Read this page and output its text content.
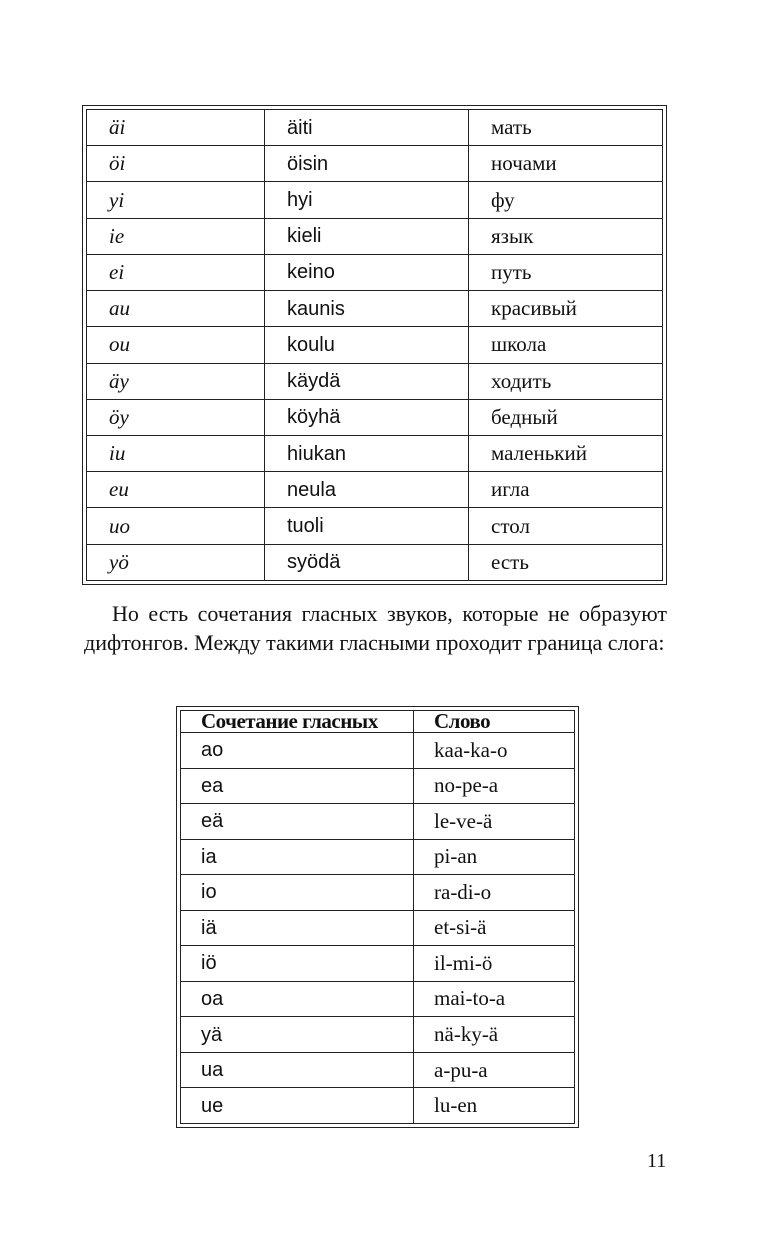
äi	äiti	мать
öi	öisin	ночами
yi	hyi	фу
ie	kieli	язык
ei	keino	путь
au	kaunis	красивый
ou	koulu	школа
äy	käydä	ходить
öy	köyhä	бедный
iu	hiukan	маленький
eu	neula	игла
uo	tuoli	стол
yö	syödä	есть

Но есть сочетания гласных звуков, которые не образуют дифтонгов. Между такими гласными проходит граница слога:

Сочетание гласных	Слово
ao	kaa-ka-o
ea	no-pe-a
eä	le-ve-ä
ia	pi-an
io	ra-di-o
iä	et-si-ä
iö	il-mi-ö
oa	mai-to-a
yä	nä-ky-ä
ua	a-pu-a
ue	lu-en
11
